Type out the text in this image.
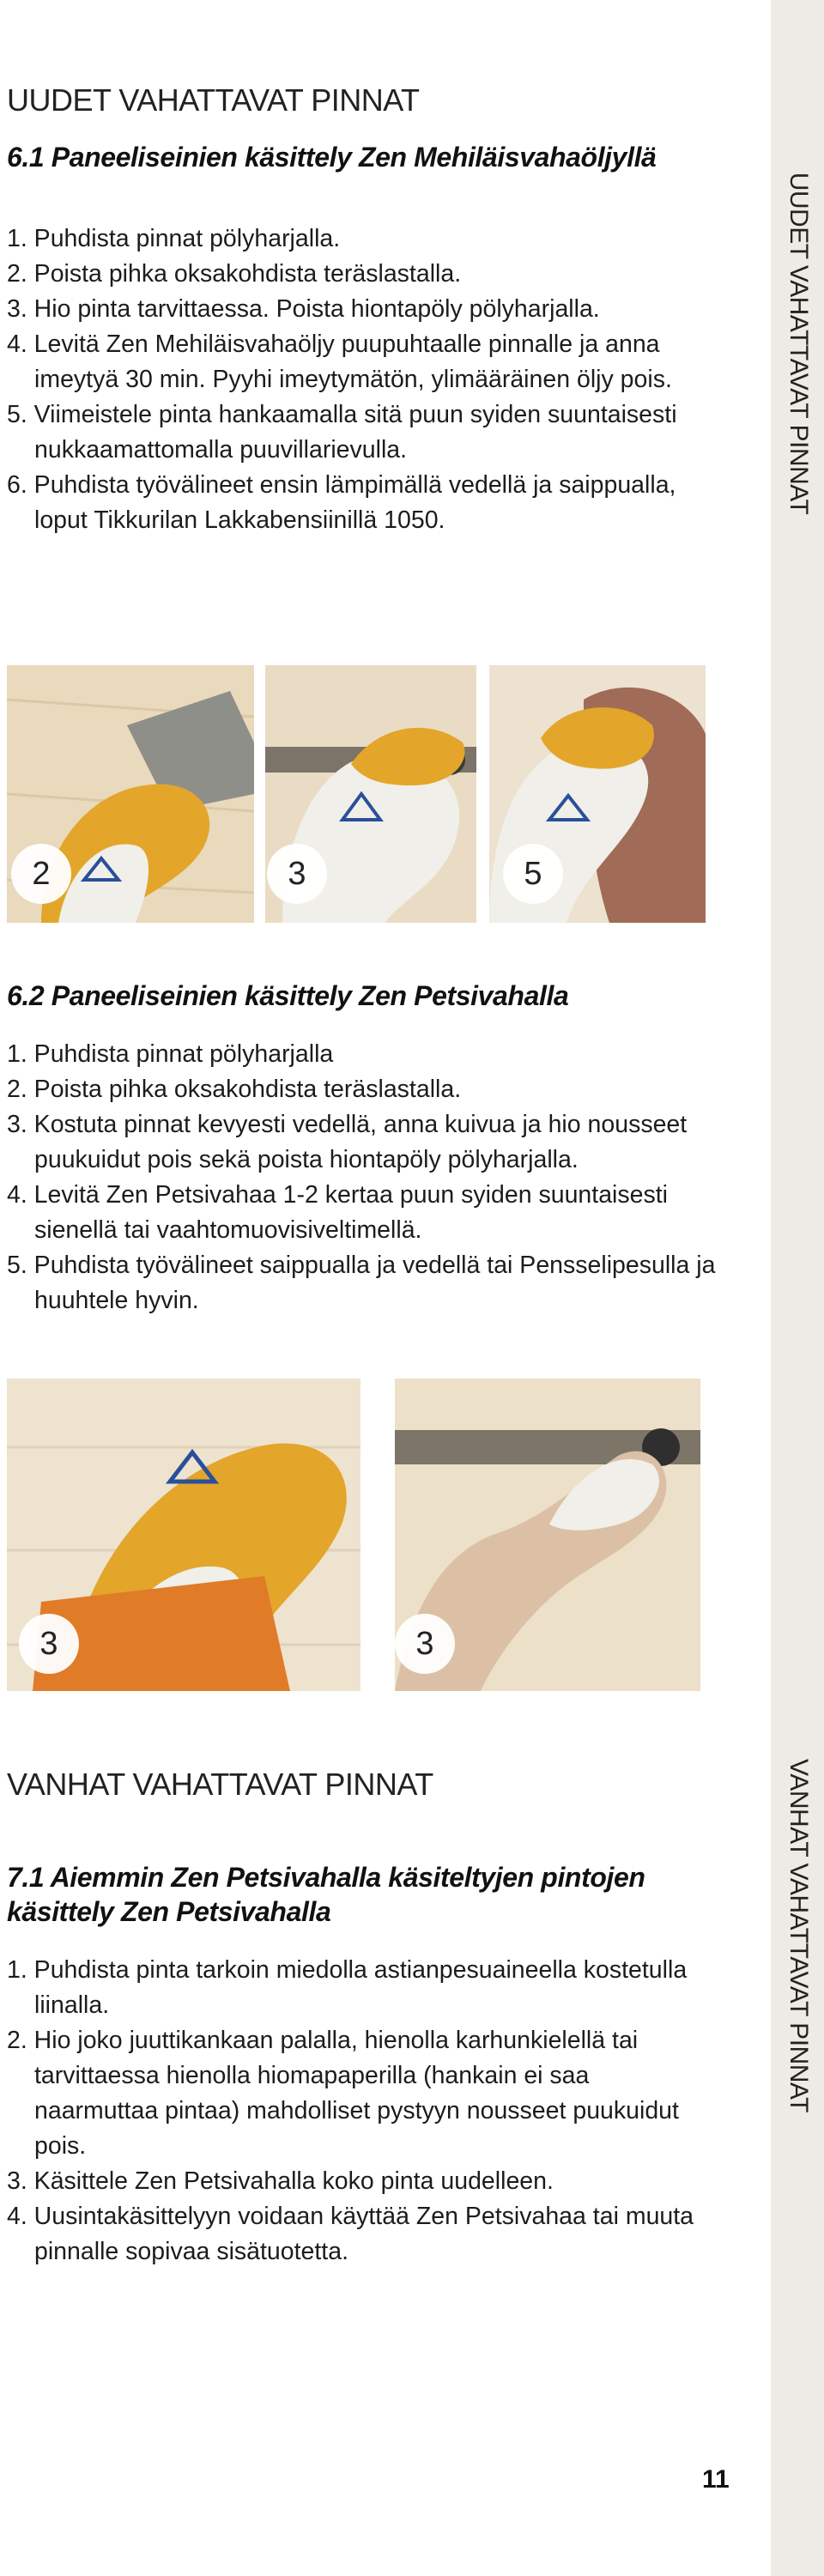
UUDET VAHATTAVAT PINNAT
VANHAT VAHATTAVAT PINNAT
UUDET VAHATTAVAT PINNAT
6.1 Paneeliseinien käsittely Zen Mehiläisvahaöljyllä
1. Puhdista pinnat pölyharjalla.
2. Poista pihka oksakohdista teräslastalla.
3. Hio pinta tarvittaessa. Poista hiontapöly pölyharjalla.
4. Levitä Zen Mehiläisvahaöljy puupuhtaalle pinnalle ja anna imeytyä 30 min. Pyyhi imeytymätön, ylimääräinen öljy pois.
5. Viimeistele pinta hankaamalla sitä puun syiden suuntaisesti nukkaamattomalla puuvillarievulla.
6. Puhdista työvälineet ensin lämpimällä vedellä ja saippualla, loput Tikkurilan Lakkabensiinillä 1050.
2	3	5
6.2 Paneeliseinien käsittely Zen Petsivahalla
1. Puhdista pinnat pölyharjalla
2. Poista pihka oksakohdista teräslastalla.
3. Kostuta pinnat kevyesti vedellä, anna kuivua ja hio nousseet puukuidut pois sekä poista hiontapöly pölyharjalla.
4. Levitä Zen Petsivahaa 1-2 kertaa puun syiden suuntaisesti sienellä tai vaahtomuovisiveltimellä.
5. Puhdista työvälineet saippualla ja vedellä tai Pensselipesulla ja huuhtele hyvin.
3	3
VANHAT VAHATTAVAT PINNAT
7.1 Aiemmin Zen Petsivahalla käsiteltyjen pintojen käsittely Zen Petsivahalla
1. Puhdista pinta tarkoin miedolla astianpesuaineella kostetulla liinalla.
2. Hio joko juuttikankaan palalla, hienolla karhunkielellä tai tarvittaessa hienolla hiomapaperilla (hankain ei saa naarmuttaa pintaa) mahdolliset pystyyn nousseet puukuidut pois.
3. Käsittele Zen Petsivahalla koko pinta uudelleen.
4. Uusintakäsittelyyn voidaan käyttää Zen Petsivahaa tai muuta pinnalle sopivaa sisätuotetta.
11
